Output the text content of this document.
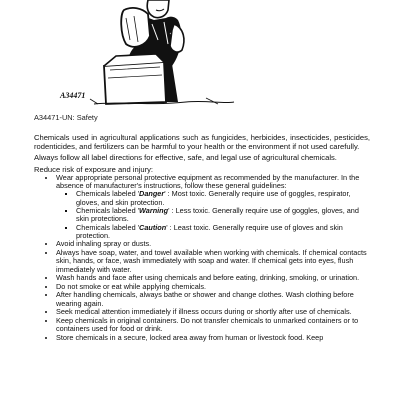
A34471
A34471-UN: Safety

Chemicals used in agricultural applications such as fungicides, herbicides, insecticides, pesticides, rodenticides, and fertilizers can be harmful to your health or the environment if not used carefully.

Always follow all label directions for effective, safe, and legal use of agricultural chemicals.

Reduce risk of exposure and injury:

• Wear appropriate personal protective equipment as recommended by the manufacturer. In the absence of manufacturer's instructions, follow these general guidelines:
▪ Chemicals labeled 'Danger' : Most toxic. Generally require use of goggles, respirator, gloves, and skin protection.
▪ Chemicals labeled 'Warning' : Less toxic. Generally require use of goggles, gloves, and skin protections.
▪ Chemicals labeled 'Caution' : Least toxic. Generally require use of gloves and skin protection.
• Avoid inhaling spray or dusts.
• Always have soap, water, and towel available when working with chemicals. If chemical contacts skin, hands, or face, wash immediately with soap and water. If chemical gets into eyes, flush immediately with water.
• Wash hands and face after using chemicals and before eating, drinking, smoking, or urination.
• Do not smoke or eat while applying chemicals.
• After handling chemicals, always bathe or shower and change clothes. Wash clothing before wearing again.
• Seek medical attention immediately if illness occurs during or shortly after use of chemicals.
• Keep chemicals in original containers. Do not transfer chemicals to unmarked containers or to containers used for food or drink.
• Store chemicals in a secure, locked area away from human or livestock food. Keep
